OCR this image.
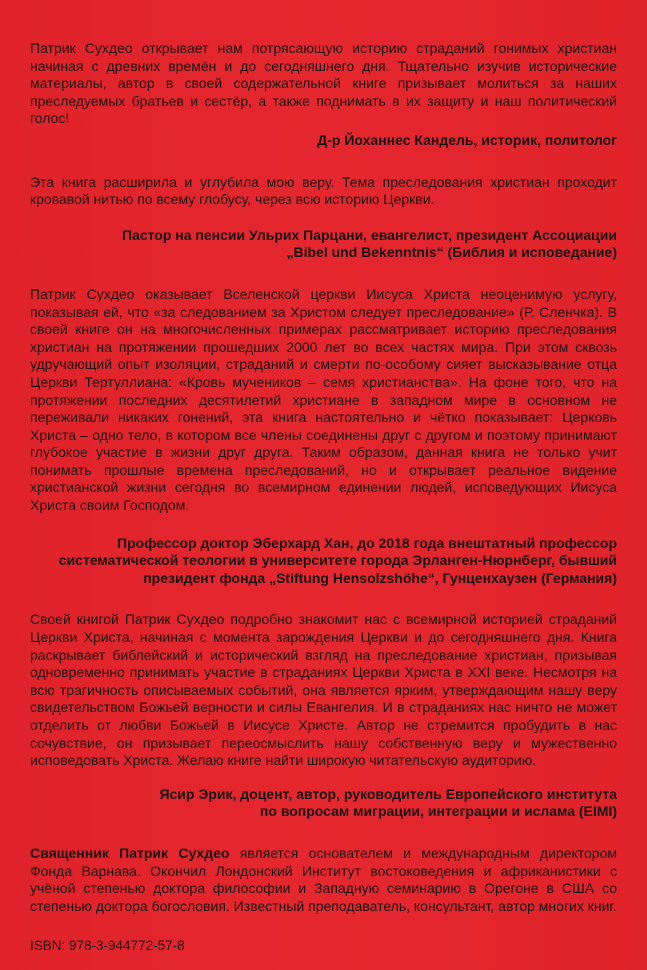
Патрик Сухдео открывает нам потрясающую историю страданий гонимых христиан начиная с древних времён и до сегодняшнего дня. Тщательно изучив исторические материалы, автор в своей содержательной книге призывает молиться за наших преследуемых братьев и сестёр, а также поднимать в их защиту и наш политический голос!

Д-р Йоханнес Кандель, историк, политолог

Эта книга расширила и углубила мою веру. Тема преследования христиан проходит кровавой нитью по всему глобусу, через всю историю Церкви.

Пастор на пенсии Ульрих Парцани, евангелист, президент Ассоциации

„Bibel und Bekenntnis“ (Библия и исповедание)

Патрик Сухдео оказывает Вселенской церкви Иисуса Христа неоценимую услугу, показывая ей, что «за следованием за Христом следует преследование» (Р. Сленчка). В своей книге он на многочисленных примерах рассматривает историю преследования христиан на протяжении прошедших 2000 лет во всех частях мира. При этом сквозь удручающий опыт изоляции, страданий и смерти по-особому сияет высказывание отца Церкви Тертуллиана: «Кровь мучеников – семя христианства». На фоне того, что на протяжении последних десятилетий христиане в западном мире в основном не переживали никаких гонений, эта книга настоятельно и чётко показывает: Церковь Христа – одно тело, в котором все члены соединены друг с другом и поэтому принимают глубокое участие в жизни друг друга. Таким образом, данная книга не только учит понимать прошлые времена преследований, но и открывает реальное видение христианской жизни сегодня во всемирном единении людей, исповедующих Иисуса Христа своим Господом.

Профессор доктор Эберхард Хан, до 2018 года внештатный профессор

систематической теологии в университете города Эрланген-Нюрнберг, бывший

президент фонда „Stiftung Hensolzshöhe“, Гунценхаузен (Германия)

Своей книгой Патрик Сухдео подробно знакомит нас с всемирной историей страданий Церкви Христа, начиная с момента зарождения Церкви и до сегодняшнего дня. Книга раскрывает библейский и исторический взгляд на преследование христиан, призывая одновременно принимать участие в страданиях Церкви Христа в XXI веке. Несмотря на всю трагичность описываемых событий, она является ярким, утверждающим нашу веру свидетельством Божьей верности и силы Евангелия. И в страданиях нас ничто не может отделить от любви Божьей в Иисусе Христе. Автор не стремится пробудить в нас сочувствие, он призывает переосмыслить нашу собственную веру и мужественно исповедовать Христа. Желаю книге найти широкую читательскую аудиторию.

Ясир Эрик, доцент, автор, руководитель Европейского института

по вопросам миграции, интеграции и ислама (EIMI)

Священник Патрик Сухдео является основателем и международным директором Фонда Варнава. Окончил Лондонский Институт востоковедения и африканистики с учёной степенью доктора философии и Западную семинарию в Орегоне в США со степенью доктора богословия. Известный преподаватель, консультант, автор многих книг.

ISBN: 978-3-944772-57-8
